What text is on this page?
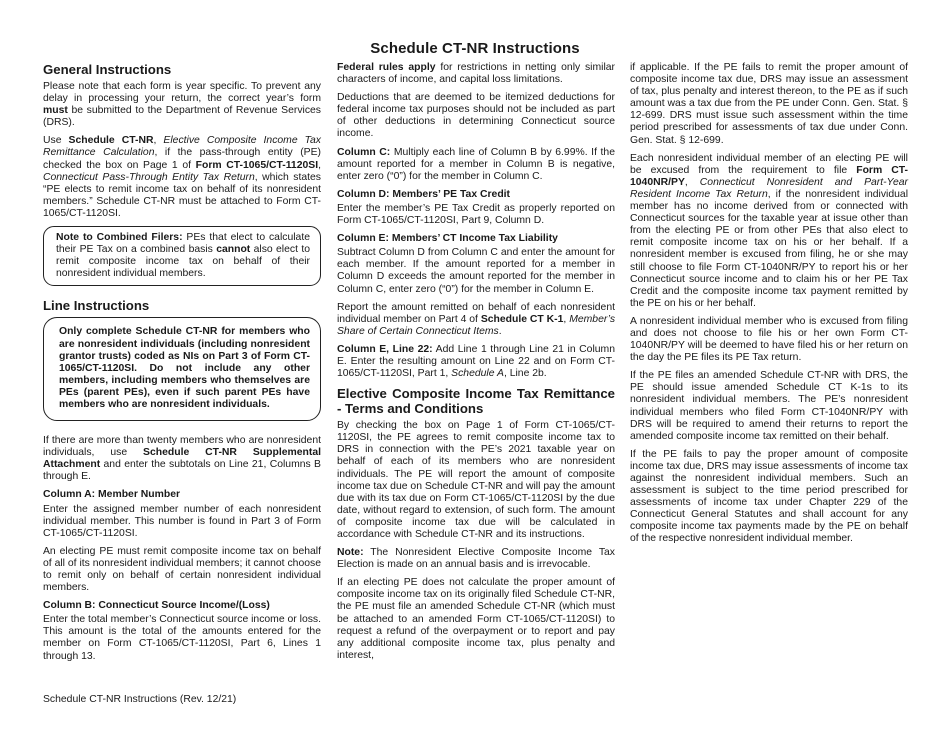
Schedule CT-NR Instructions
General Instructions

Please note that each form is year specific. To prevent any delay in processing your return, the correct year’s form must be submitted to the Department of Revenue Services (DRS).

Use Schedule CT-NR, Elective Composite Income Tax Remittance Calculation, if the pass-through entity (PE) checked the box on Page 1 of Form CT-1065/CT-1120SI, Connecticut Pass-Through Entity Tax Return, which states “PE elects to remit income tax on behalf of its nonresident members.” Schedule CT-NR must be attached to Form CT-1065/CT-1120SI.

Note to Combined Filers: PEs that elect to calculate their PE Tax on a combined basis cannot also elect to remit composite income tax on behalf of their nonresident individual members.
Line Instructions
Only complete Schedule CT-NR for members who are nonresident individuals (including nonresident grantor trusts) coded as NIs on Part 3 of Form CT-1065/CT-1120SI. Do not include any other members, including members who themselves are PEs (parent PEs), even if such parent PEs have members who are nonresident individuals.

If there are more than twenty members who are nonresident individuals, use Schedule CT-NR Supplemental Attachment and enter the subtotals on Line 21, Columns B through E.

Column A: Member Number

Enter the assigned member number of each nonresident individual member. This number is found in Part 3 of Form CT-1065/CT-1120SI.

An electing PE must remit composite income tax on behalf of all of its nonresident individual members; it cannot choose to remit only on behalf of certain nonresident individual members.

Column B: Connecticut Source Income/(Loss)

Enter the total member’s Connecticut source income or loss. This amount is the total of the amounts entered for the member on Form CT-1065/CT-1120SI, Part 6, Lines 1 through 13.

Federal rules apply for restrictions in netting only similar characters of income, and capital loss limitations.

Deductions that are deemed to be itemized deductions for federal income tax purposes should not be included as part of other deductions in determining Connecticut source income.

Column C: Multiply each line of Column B by 6.99%. If the amount reported for a member in Column B is negative, enter zero (“0”) for the member in Column C.

Column D: Members’ PE Tax Credit

Enter the member’s PE Tax Credit as properly reported on Form CT-1065/CT-1120SI, Part 9, Column D.

Column E: Members’ CT Income Tax Liability

Subtract Column D from Column C and enter the amount for each member. If the amount reported for a member in Column D exceeds the amount reported for the member in Column C, enter zero (“0”) for the member in Column E.

Report the amount remitted on behalf of each nonresident individual member on Part 4 of Schedule CT K-1, Member’s Share of Certain Connecticut Items.

Column E, Line 22: Add Line 1 through Line 21 in Column E. Enter the resulting amount on Line 22 and on Form CT-1065/CT-1120SI, Part 1, Schedule A, Line 2b.

Elective Composite Income Tax Remittance - Terms and Conditions

By checking the box on Page 1 of Form CT-1065/CT-1120SI, the PE agrees to remit composite income tax to DRS in connection with the PE’s 2021 taxable year on behalf of each of its members who are nonresident individuals. The PE will report the amount of composite income tax due on Schedule CT-NR and will pay the amount due with its tax due on Form CT-1065/CT-1120SI by the due date, without regard to extension, of such form. The amount of composite income tax due will be calculated in accordance with Schedule CT-NR and its instructions.

Note: The Nonresident Elective Composite Income Tax Election is made on an annual basis and is irrevocable.

If an electing PE does not calculate the proper amount of composite income tax on its originally filed Schedule CT-NR, the PE must file an amended Schedule CT-NR (which must be attached to an amended Form CT-1065/CT-1120SI) to request a refund of the overpayment or to report and pay any additional composite income tax, plus penalty and interest,

if applicable. If the PE fails to remit the proper amount of composite income tax due, DRS may issue an assessment of tax, plus penalty and interest thereon, to the PE as if such amount was a tax due from the PE under Conn. Gen. Stat. § 12-699. DRS must issue such assessment within the time period prescribed for assessments of tax due under Conn. Gen. Stat. § 12-699.

Each nonresident individual member of an electing PE will be excused from the requirement to file Form CT-1040NR/PY, Connecticut Nonresident and Part-Year Resident Income Tax Return, if the nonresident individual member has no income derived from or connected with Connecticut sources for the taxable year at issue other than from the electing PE or from other PEs that also elect to remit composite income tax on his or her behalf. If a nonresident member is excused from filing, he or she may still choose to file Form CT-1040NR/PY to report his or her Connecticut source income and to claim his or her PE Tax Credit and the composite income tax payment remitted by the PE on his or her behalf.

A nonresident individual member who is excused from filing and does not choose to file his or her own Form CT-1040NR/PY will be deemed to have filed his or her return on the day the PE files its PE Tax return.

If the PE files an amended Schedule CT-NR with DRS, the PE should issue amended Schedule CT K-1s to its nonresident individual members. The PE’s nonresident individual members who filed Form CT-1040NR/PY with DRS will be required to amend their returns to report the amended composite income tax remitted on their behalf.

If the PE fails to pay the proper amount of composite income tax due, DRS may issue assessments of income tax against the nonresident individual members. Such an assessment is subject to the time period prescribed for assessments of income tax under Chapter 229 of the Connecticut General Statutes and shall account for any composite income tax payments made by the PE on behalf of the respective nonresident individual member.

Schedule CT-NR Instructions (Rev. 12/21)
